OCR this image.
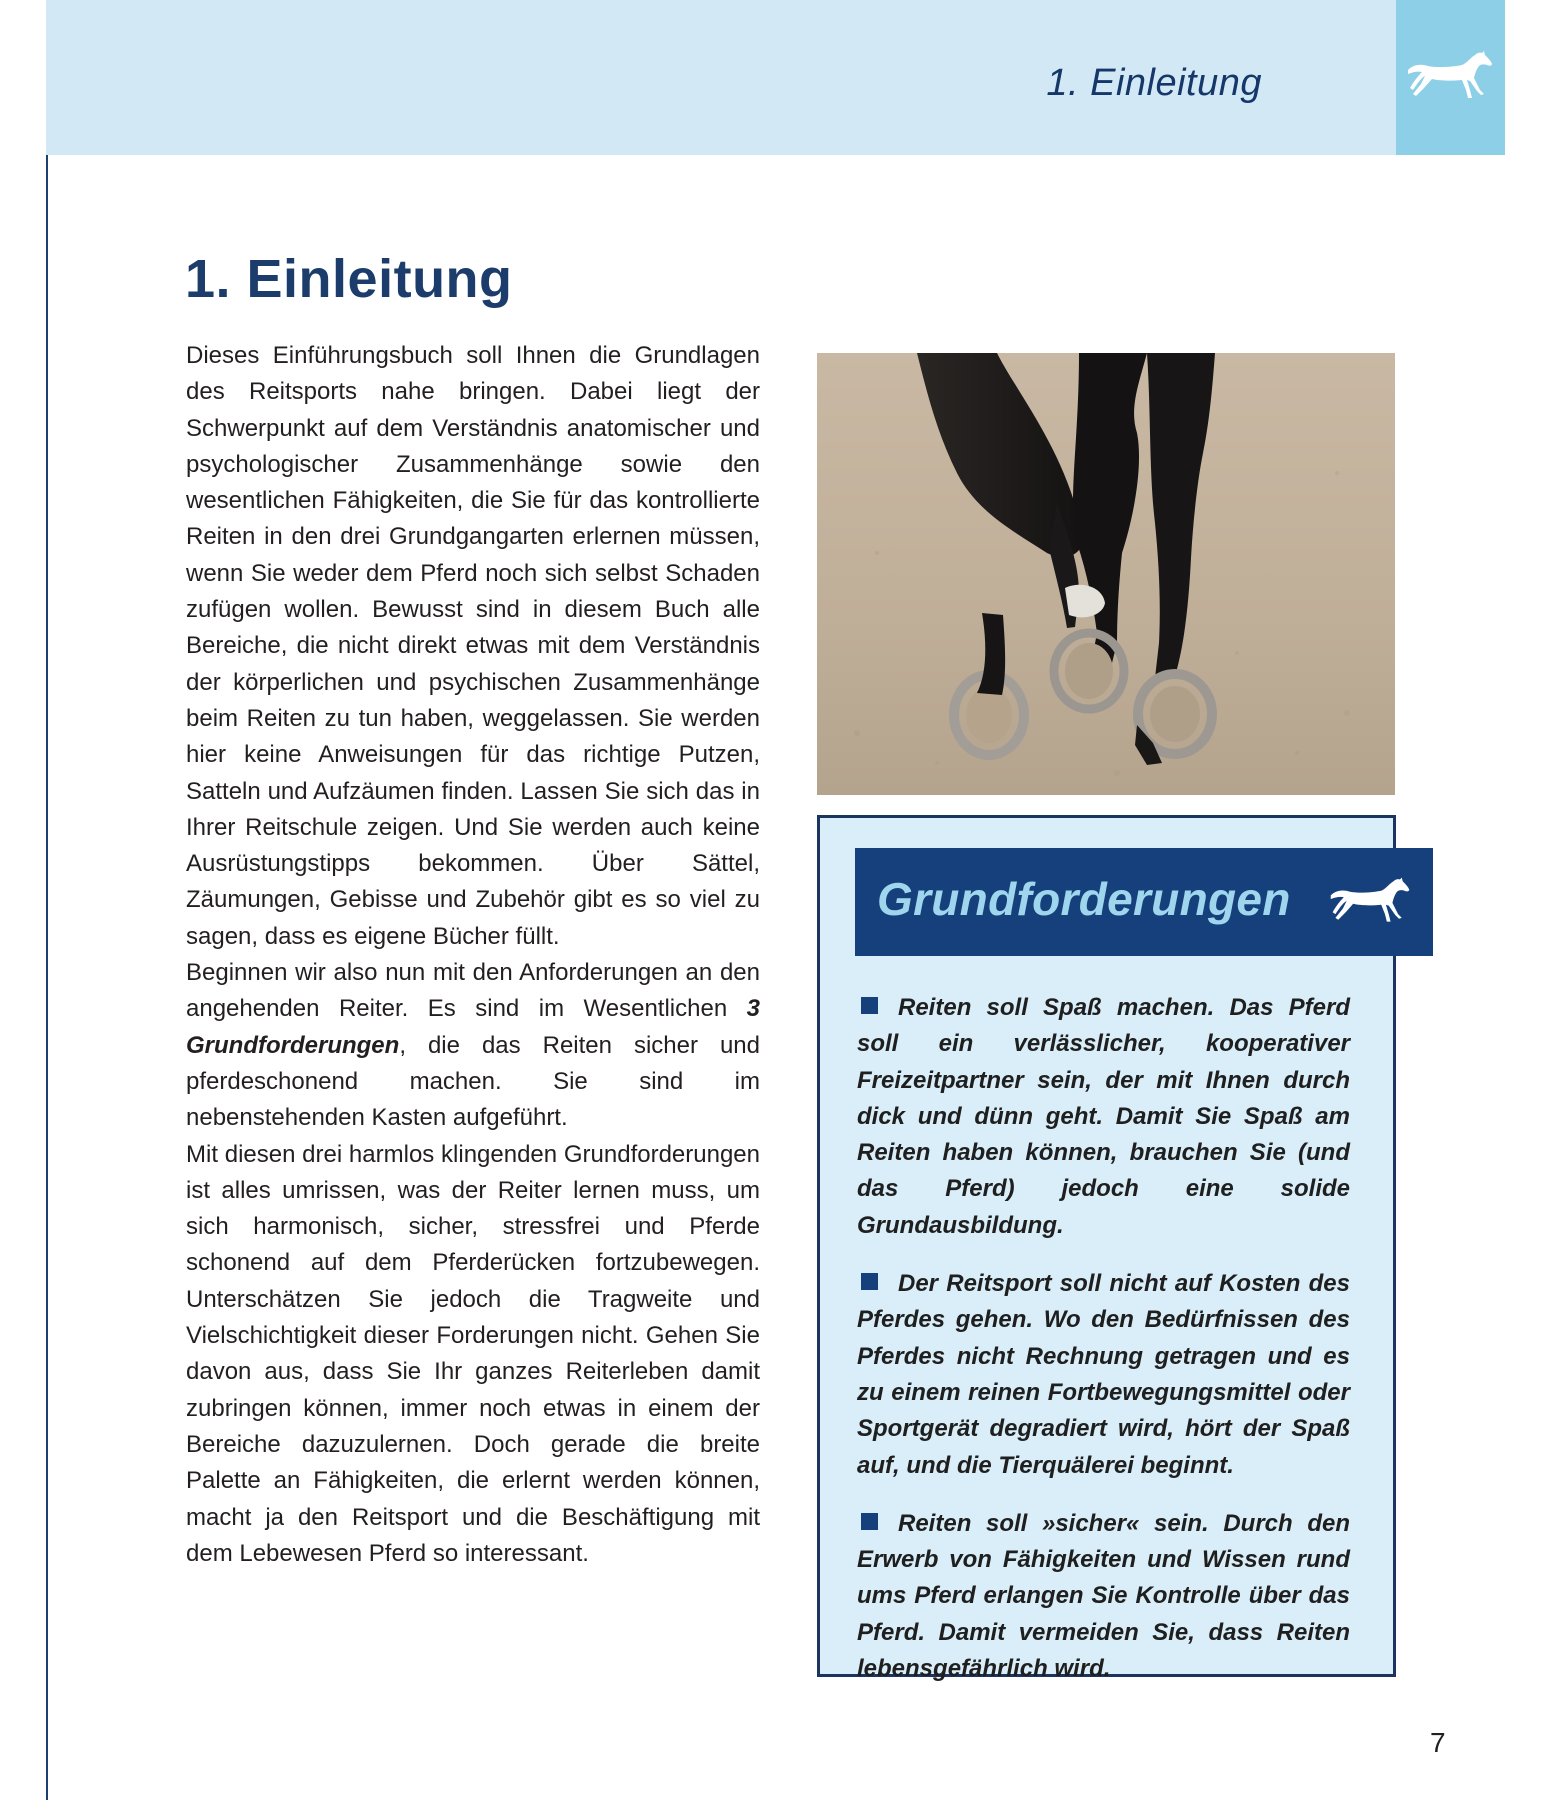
1. Einleitung
1. Einleitung

Dieses Einführungsbuch soll Ihnen die Grundlagen des Reitsports nahe bringen. Dabei liegt der Schwerpunkt auf dem Verständnis anatomischer und psychologischer Zusammenhänge sowie den wesentlichen Fähigkeiten, die Sie für das kontrollierte Reiten in den drei Grundgangarten erlernen müssen, wenn Sie weder dem Pferd noch sich selbst Schaden zufügen wollen. Bewusst sind in diesem Buch alle Bereiche, die nicht direkt etwas mit dem Verständnis der körperlichen und psychischen Zusammenhänge beim Reiten zu tun haben, weggelassen. Sie werden hier keine Anweisungen für das richtige Putzen, Satteln und Aufzäumen finden. Lassen Sie sich das in Ihrer Reitschule zeigen. Und Sie werden auch keine Ausrüstungstipps bekommen. Über Sättel, Zäumungen, Gebisse und Zubehör gibt es so viel zu sagen, dass es eigene Bücher füllt.

Beginnen wir also nun mit den Anforderungen an den angehenden Reiter. Es sind im Wesentlichen 3 Grundforderungen, die das Reiten sicher und pferdeschonend machen. Sie sind im nebenstehenden Kasten aufgeführt.

Mit diesen drei harmlos klingenden Grundforderungen ist alles umrissen, was der Reiter lernen muss, um sich harmonisch, sicher, stressfrei und Pferde schonend auf dem Pferderücken fortzubewegen. Unterschätzen Sie jedoch die Tragweite und Vielschichtigkeit dieser Forderungen nicht. Gehen Sie davon aus, dass Sie Ihr ganzes Reiterleben damit zubringen können, immer noch etwas in einem der Bereiche dazuzulernen. Doch gerade die breite Palette an Fähigkeiten, die erlernt werden können, macht ja den Reitsport und die Beschäftigung mit dem Lebewesen Pferd so interessant.

Grundforderungen
Reiten soll Spaß machen. Das Pferd soll ein verlässlicher, kooperativer Freizeitpartner sein, der mit Ihnen durch dick und dünn geht. Damit Sie Spaß am Reiten haben können, brauchen Sie (und das Pferd) jedoch eine solide Grundausbildung.
Der Reitsport soll nicht auf Kosten des Pferdes gehen. Wo den Bedürfnissen des Pferdes nicht Rechnung getragen und es zu einem reinen Fortbewegungsmittel oder Sportgerät degradiert wird, hört der Spaß auf, und die Tierquälerei beginnt.
Reiten soll »sicher« sein. Durch den Erwerb von Fähigkeiten und Wissen rund ums Pferd erlangen Sie Kontrolle über das Pferd. Damit vermeiden Sie, dass Reiten lebensgefährlich wird.
7
